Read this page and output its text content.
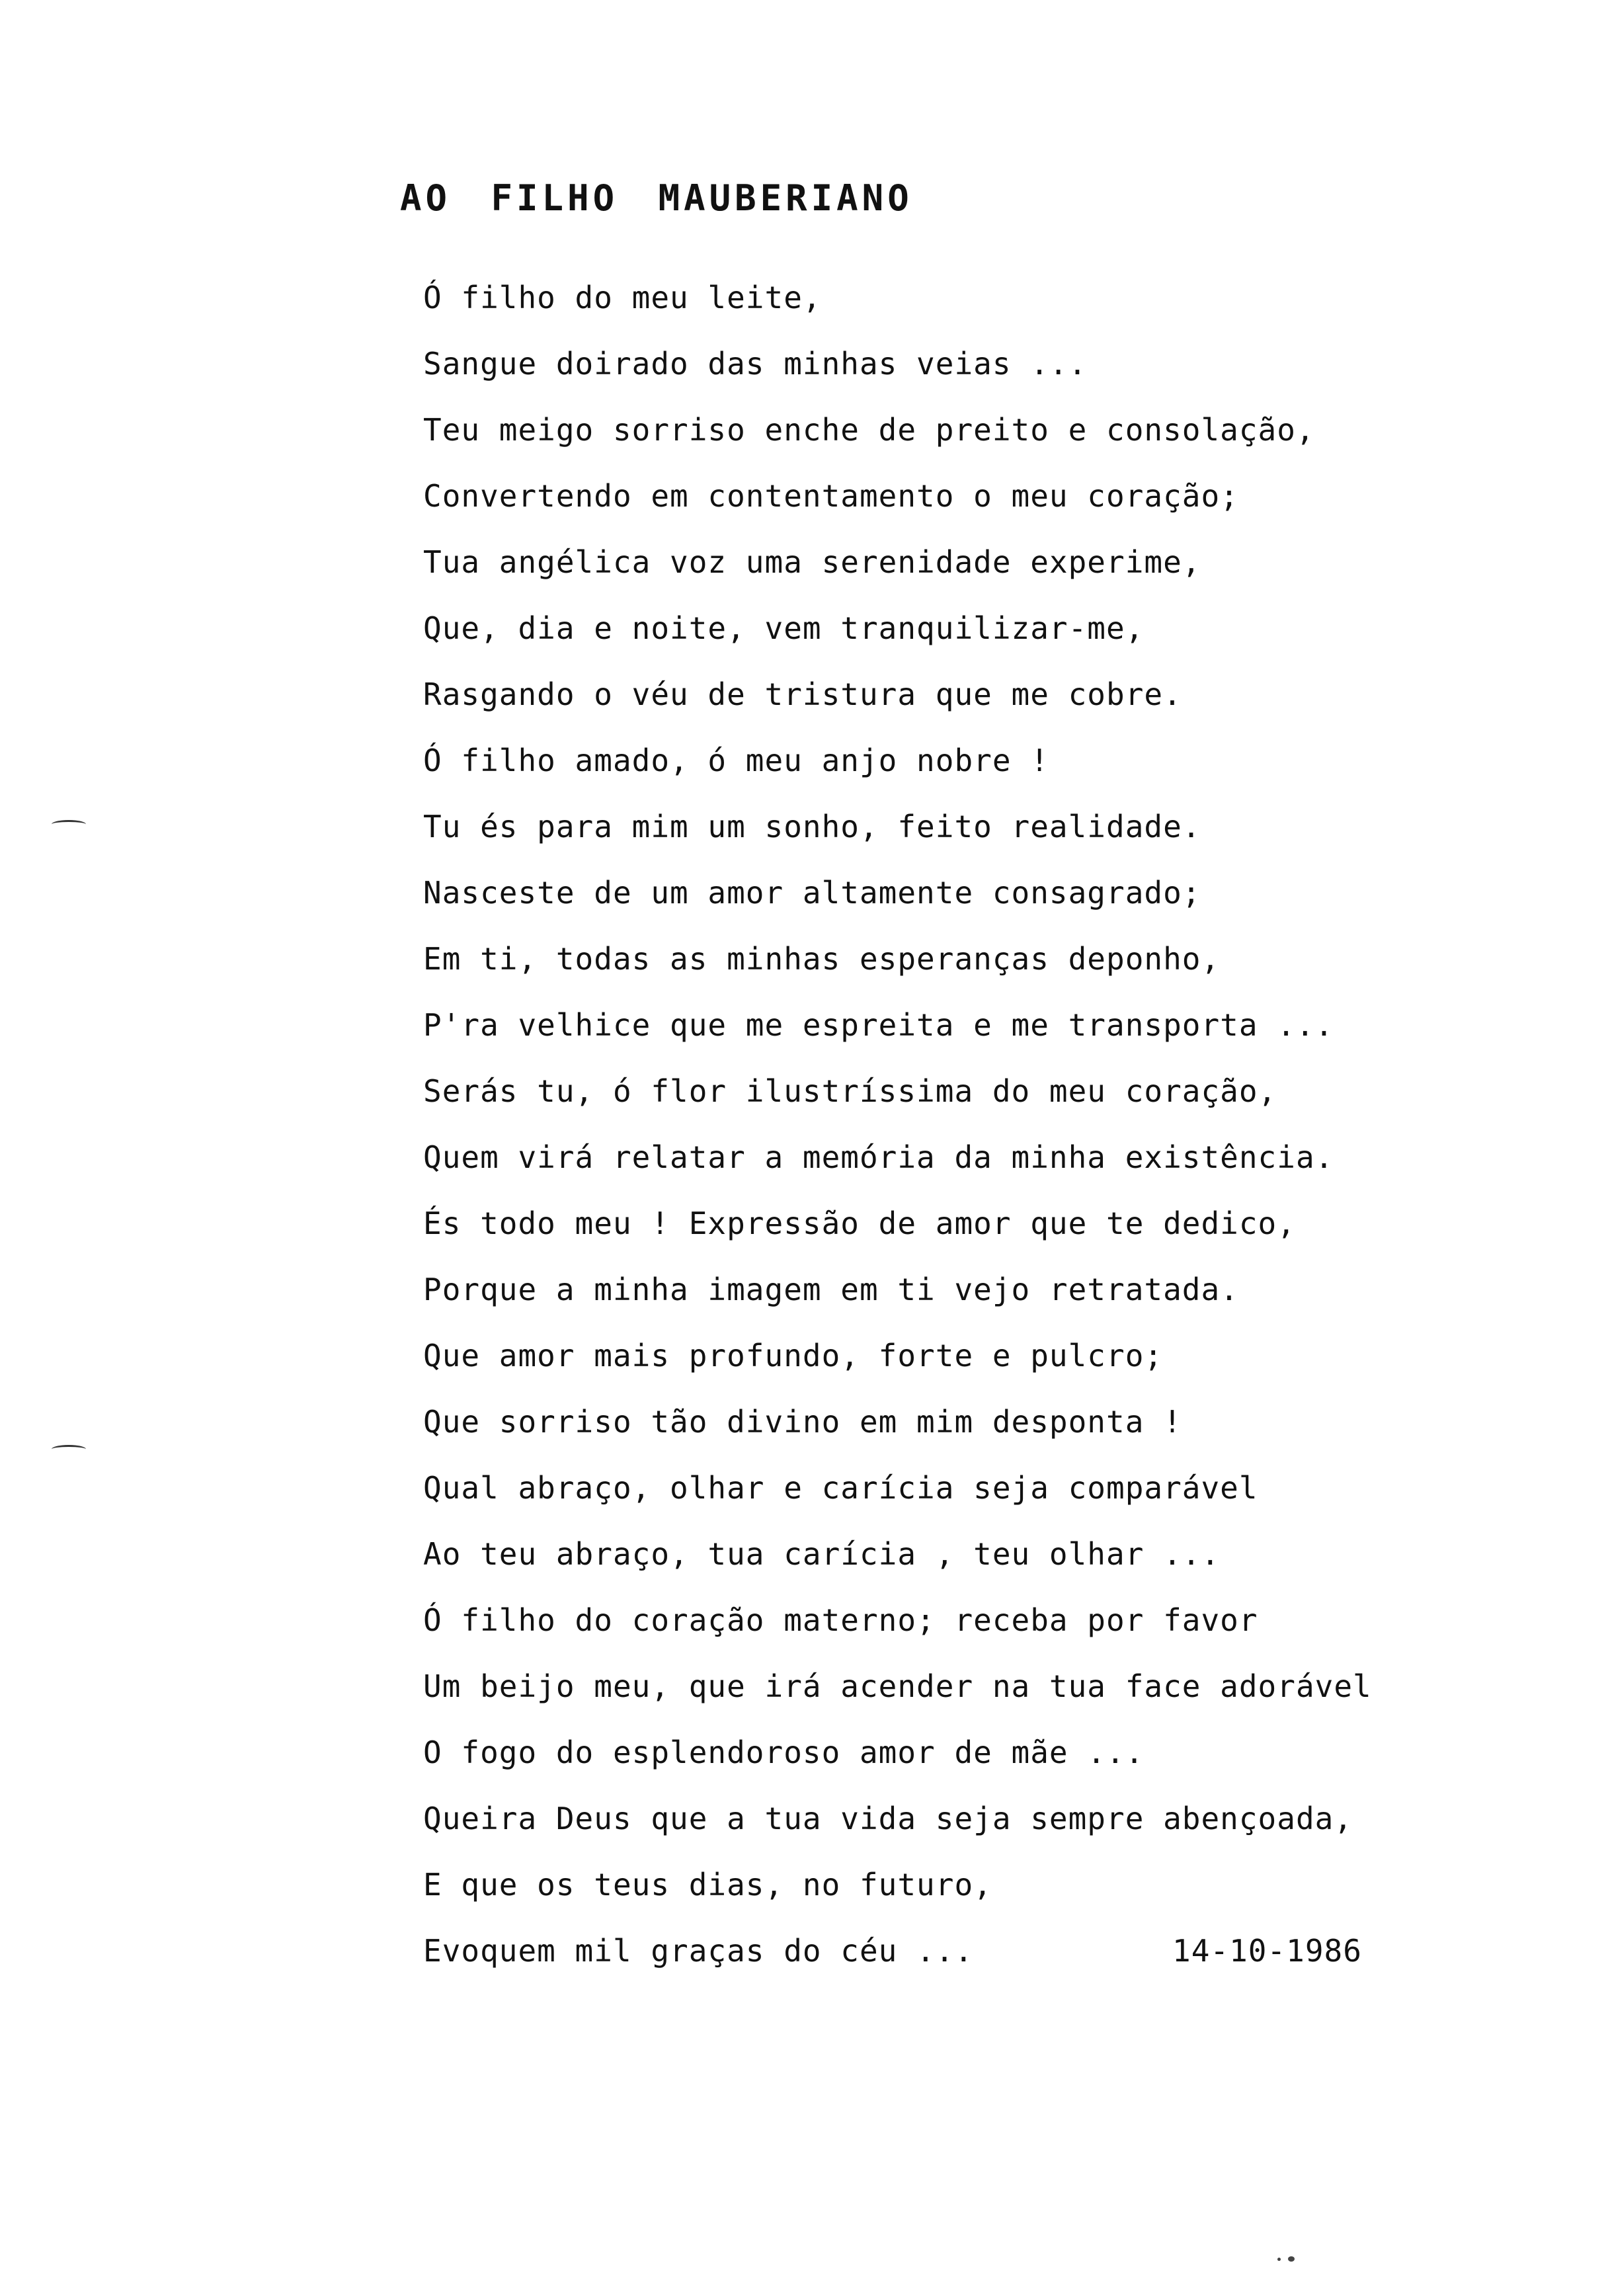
AO FILHO MAUBERIANO
Ó filho do meu leite,
Sangue doirado das minhas veias ...
Teu meigo sorriso enche de preito e consolação,
Convertendo em contentamento o meu coração;
Tua angélica voz uma serenidade experime,
Que, dia e noite, vem tranquilizar-me,
Rasgando o véu de tristura que me cobre.
Ó filho amado, ó meu anjo nobre !
Tu és para mim um sonho, feito realidade.
Nasceste de um amor altamente consagrado;
Em ti, todas as minhas esperanças deponho,
P'ra velhice que me espreita e me transporta ...
Serás tu, ó flor ilustríssima do meu coração,
Quem virá relatar a memória da minha existência.
És todo meu ! Expressão de amor que te dedico,
Porque a minha imagem em ti vejo retratada.
Que amor mais profundo, forte e pulcro;
Que sorriso tão divino em mim desponta !
Qual abraço, olhar e carícia seja comparável
Ao teu abraço, tua carícia , teu olhar ...
Ó filho do coração materno; receba por favor
Um beijo meu, que irá acender na tua face adorável
O fogo do esplendoroso amor de mãe ...
Queira Deus que a tua vida seja sempre abençoada,
E que os teus dias, no futuro,
Evoquem mil graças do céu ...	14-10-1986
